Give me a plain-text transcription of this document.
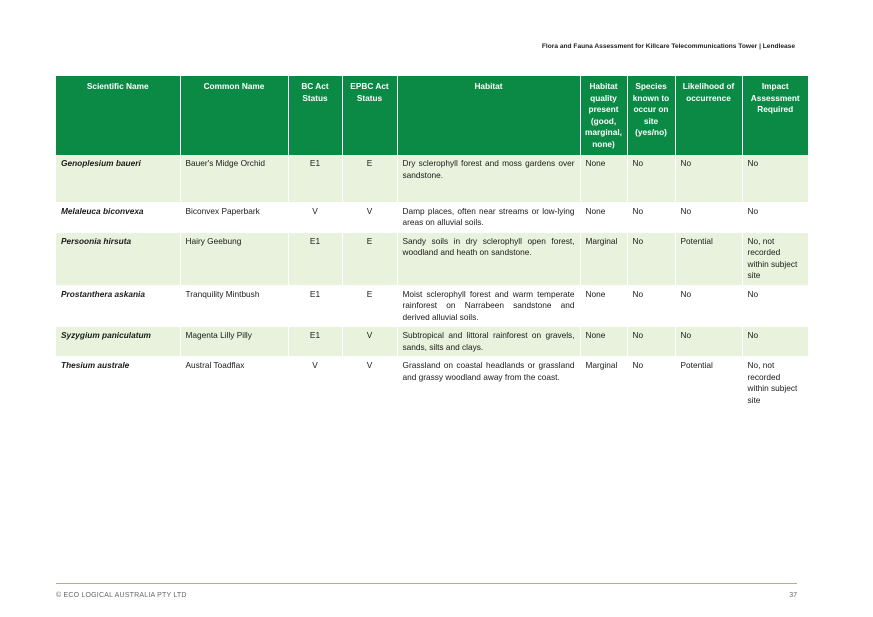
Flora and Fauna Assessment for Killcare Telecommunications Tower | Lendlease
Scientific Name	Common Name	BC Act Status	EPBC Act Status	Habitat	Habitat quality present (good, marginal, none)	Species known to occur on site (yes/no)	Likelihood of occurrence	Impact Assessment Required
Genoplesium baueri	Bauer's Midge Orchid	E1	E	Dry sclerophyll forest and moss gardens over sandstone.	None	No	No	No
Melaleuca biconvexa	Biconvex Paperbark	V	V	Damp places, often near streams or low-lying areas on alluvial soils.	None	No	No	No
Persoonia hirsuta	Hairy Geebung	E1	E	Sandy soils in dry sclerophyll open forest, woodland and heath on sandstone.	Marginal	No	Potential	No, not recorded within subject site
Prostanthera askania	Tranquility Mintbush	E1	E	Moist sclerophyll forest and warm temperate rainforest on Narrabeen sandstone and derived alluvial soils.	None	No	No	No
Syzygium paniculatum	Magenta Lilly Pilly	E1	V	Subtropical and littoral rainforest on gravels, sands, silts and clays.	None	No	No	No
Thesium australe	Austral Toadflax	V	V	Grassland on coastal headlands or grassland and grassy woodland away from the coast.	Marginal	No	Potential	No, not recorded within subject site
© ECO LOGICAL AUSTRALIA PTY LTD	37
